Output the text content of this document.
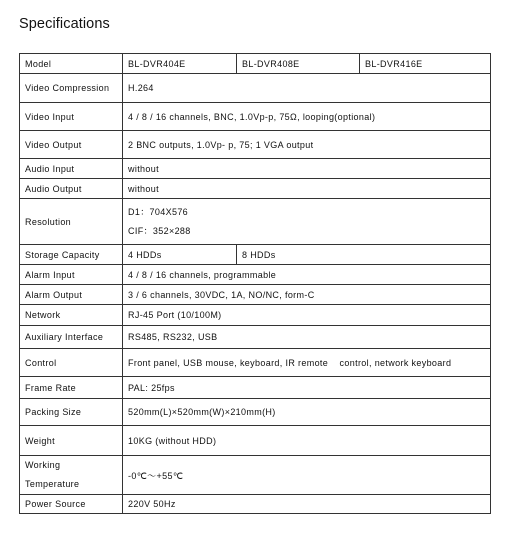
Specifications
Model	BL-DVR404E	BL-DVR408E	BL-DVR416E
Video Compression	H.264		
Video Input	4 / 8 / 16 channels, BNC, 1.0Vp-p, 75Ω, looping(optional)		
Video Output	2 BNC outputs, 1.0Vp- p, 75; 1 VGA output		
Audio Input	without		
Audio Output	without		
Resolution	D1：704X576
CIF：352×288		

Storage Capacity	4 HDDs	8 HDDs	
Alarm Input	4 / 8 / 16 channels, programmable		
Alarm Output	3 / 6 channels, 30VDC, 1A, NO/NC, form-C		
Network	RJ-45 Port (10/100M)		
Auxiliary Interface	RS485, RS232, USB		
Control	Front panel, USB mouse, keyboard, IR remote    control, network keyboard		
Frame Rate	PAL: 25fps		
Packing Size	520mm(L)×520mm(W)×210mm(H)		
Weight	10KG (without HDD)		

Working
Temperature	-0℃～+55℃		
Power Source	220V 50Hz		
